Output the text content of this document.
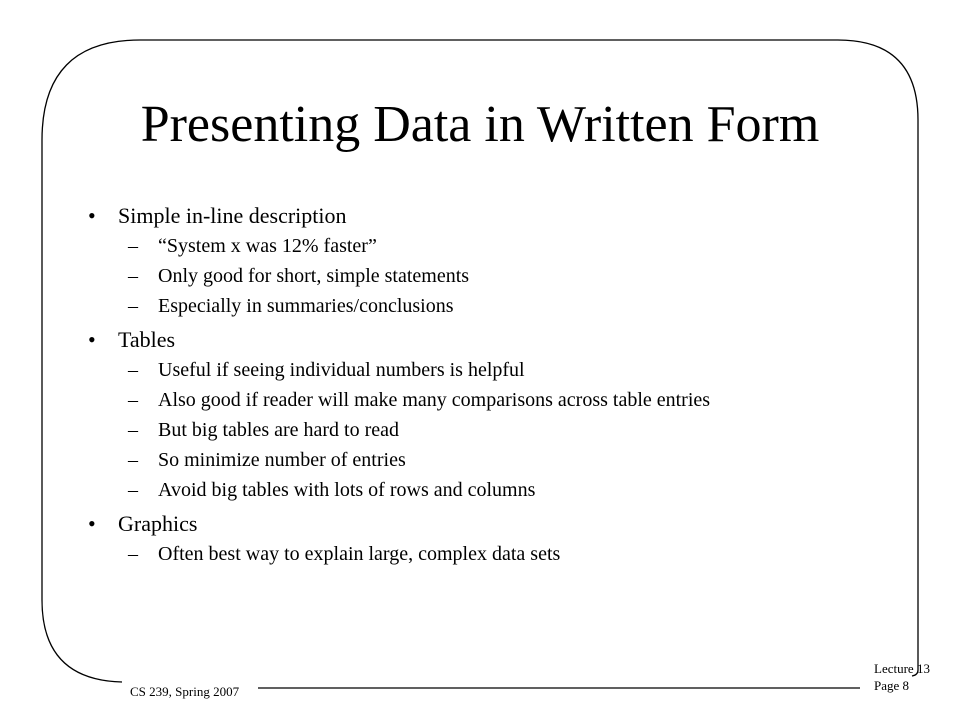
Presenting Data in Written Form
• Simple in-line description
– “System x was 12% faster”
– Only good for short, simple statements
– Especially in summaries/conclusions
• Tables
– Useful if seeing individual numbers is helpful
– Also good if reader will make many comparisons across table entries
– But big tables are hard to read
– So minimize number of entries
– Avoid big tables with lots of rows and columns
• Graphics
– Often best way to explain large, complex data sets
CS 239, Spring 2007
Lecture 13
Page 8
